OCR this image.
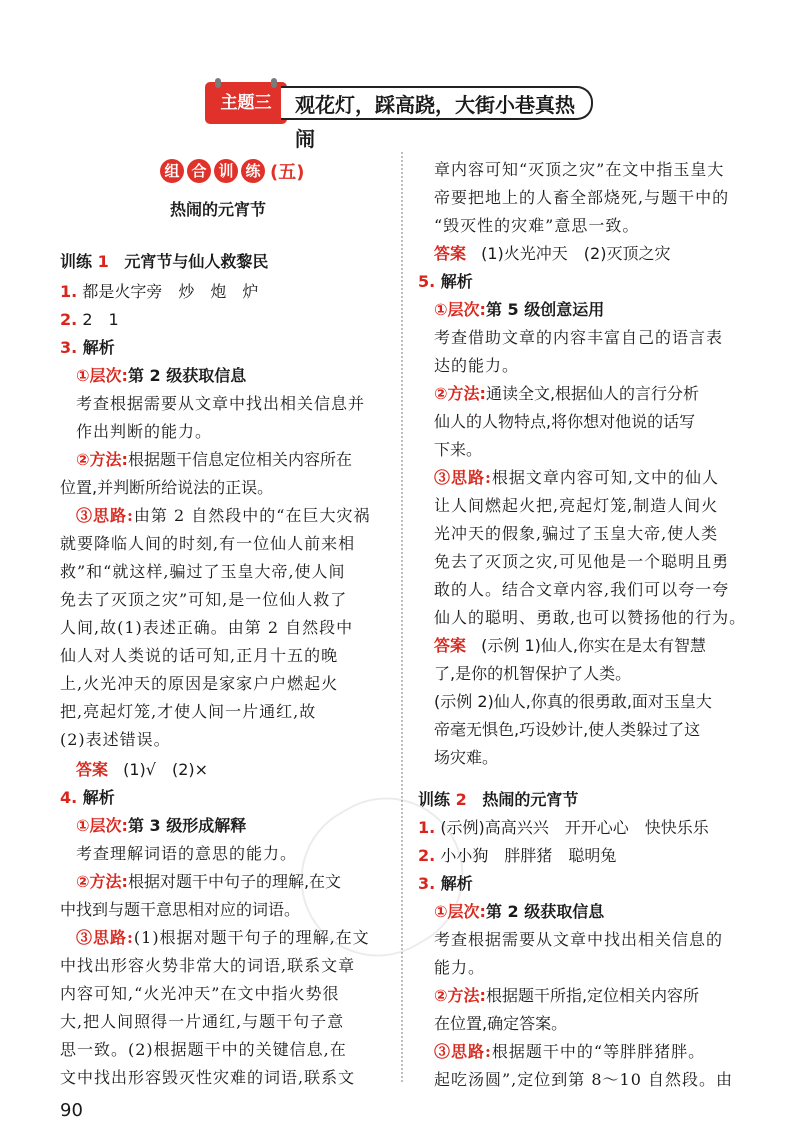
主题三	观花灯，踩高跷，大街小巷真热闹
组 合 训 练 (五)
热闹的元宵节
训练 1 元宵节与仙人救黎民
1. 都是火字旁　炒　炮　炉
2. 2　1
3. 解析
①层次:第 2 级获取信息
考查根据需要从文章中找出相关信息并
作出判断的能力。
②方法:根据题干信息定位相关内容所在
位置,并判断所给说法的正误。
③思路:由第 2 自然段中的“在巨大灾祸
就要降临人间的时刻,有一位仙人前来相
救”和“就这样,骗过了玉皇大帝,使人间
免去了灭顶之灾”可知,是一位仙人救了
人间,故(1)表述正确。由第 2 自然段中
仙人对人类说的话可知,正月十五的晚
上,火光冲天的原因是家家户户燃起火
把,亮起灯笼,才使人间一片通红,故
(2)表述错误。
答案 (1)√　(2)×
4. 解析
①层次:第 3 级形成解释
考查理解词语的意思的能力。
②方法:根据对题干中句子的理解,在文
中找到与题干意思相对应的词语。
③思路:(1)根据对题干句子的理解,在文
中找出形容火势非常大的词语,联系文章
内容可知,“火光冲天”在文中指火势很
大,把人间照得一片通红,与题干句子意
思一致。(2)根据题干中的关键信息,在
文中找出形容毁灭性灾难的词语,联系文
章内容可知“灭顶之灾”在文中指玉皇大
帝要把地上的人畜全部烧死,与题干中的
“毁灭性的灾难”意思一致。
答案 (1)火光冲天　(2)灭顶之灾
5. 解析
①层次:第 5 级创意运用
考查借助文章的内容丰富自己的语言表
达的能力。
②方法:通读全文,根据仙人的言行分析
仙人的人物特点,将你想对他说的话写
下来。
③思路:根据文章内容可知,文中的仙人
让人间燃起火把,亮起灯笼,制造人间火
光冲天的假象,骗过了玉皇大帝,使人类
免去了灭顶之灾,可见他是一个聪明且勇
敢的人。结合文章内容,我们可以夸一夸
仙人的聪明、勇敢,也可以赞扬他的行为。
答案 (示例 1)仙人,你实在是太有智慧
了,是你的机智保护了人类。
(示例 2)仙人,你真的很勇敢,面对玉皇大
帝毫无惧色,巧设妙计,使人类躲过了这
场灾难。
训练 2 热闹的元宵节
1. (示例)高高兴兴　开开心心　快快乐乐
2. 小小狗　胖胖猪　聪明兔
3. 解析
①层次:第 2 级获取信息
考查根据需要从文章中找出相关信息的
能力。
②方法:根据题干所指,定位相关内容所
在位置,确定答案。
③思路:根据题干中的“等胖胖猪胖。
起吃汤圆”,定位到第 8～10 自然段。由
90
